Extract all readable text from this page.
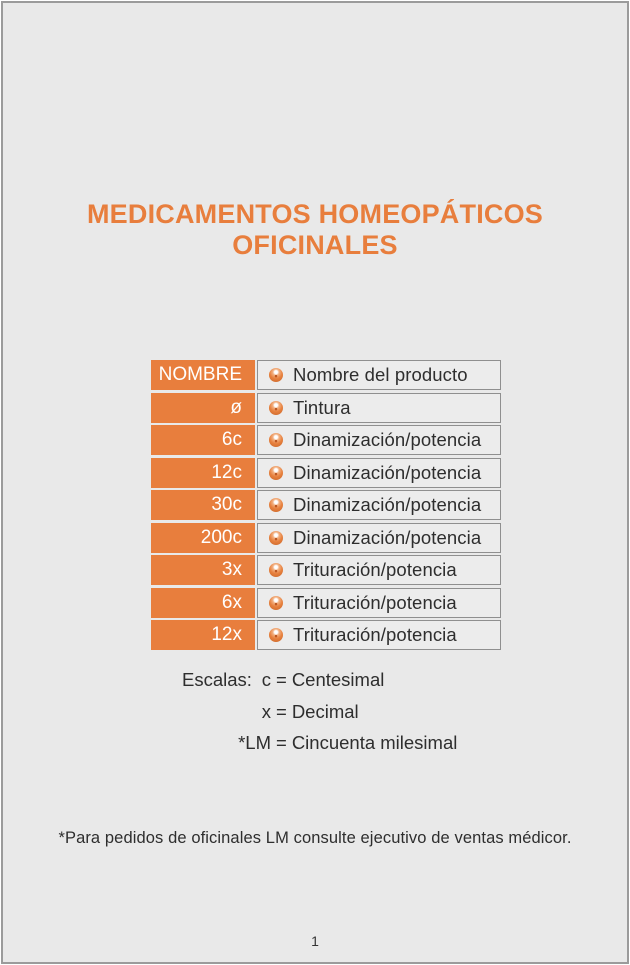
MEDICAMENTOS HOMEOPÁTICOS
OFICINALES
NOMBRE	Nombre del producto
ø	Tintura
6c	Dinamización/potencia
12c	Dinamización/potencia
30c	Dinamización/potencia
200c	Dinamización/potencia
3x	Trituración/potencia
6x	Trituración/potencia
12x	Trituración/potencia
Escalas: c = Centesimal
x = Decimal
*LM = Cincuenta milesimal
*Para pedidos de oficinales LM consulte ejecutivo de ventas médicor.
1
